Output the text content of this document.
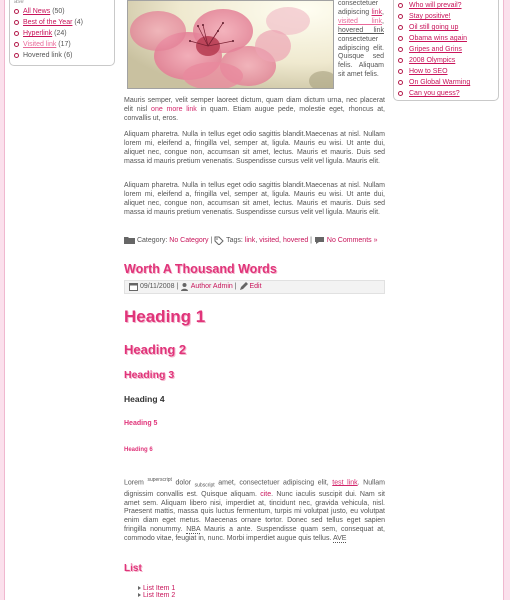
ase
All News (50)
Best of the Year (4)
Hyperlink (24)
Visited link (17)
Hovered link (6)
Who will prevail?
Stay positive!
Oil still going up
Obama wins again
Gripes and Grins
2008 Olympics
How to SEO
On Global Warming
Can you guess?
consectetuer adipiscing link, visited link, hovered link consectetuer adipiscing elit. Quisque sed felis. Aliquam sit amet felis.

Mauris semper, velit semper laoreet dictum, quam diam dictum urna, nec placerat elit nisl one more link in quam. Etiam augue pede, molestie eget, rhoncus at, convallis ut, eros.

Aliquam pharetra. Nulla in tellus eget odio sagittis blandit.Maecenas at nisl. Nullam lorem mi, eleifend a, fringilla vel, semper at, ligula. Mauris eu wisi. Ut ante dui, aliquet nec, congue non, accumsan sit amet, lectus. Mauris et mauris. Duis sed massa id mauris pretium venenatis. Suspendisse cursus velit vel ligula. Mauris elit.

Aliquam pharetra. Nulla in tellus eget odio sagittis blandit.Maecenas at nisl. Nullam lorem mi, eleifend a, fringilla vel, semper at, ligula. Mauris eu wisi. Ut ante dui, aliquet nec, congue non, accumsan sit amet, lectus. Mauris et mauris. Duis sed massa id mauris pretium venenatis. Suspendisse cursus velit vel ligula. Mauris elit.

Category: No Category |  Tags: link, visited, hovered |  No Comments »
Worth A Thousand Words
09/11/2008 |  Author Admin |  Edit
Heading 1
Heading 2
Heading 3
Heading 4
Heading 5
Heading 6

Lorem $^{superscript}$ dolor $_{subscript}$ amet, consectetuer adipiscing elit, test link. Nullam dignissim convallis est. Quisque aliquam. cite. Nunc iaculis suscipit dui. Nam sit amet sem. Aliquam libero nisi, imperdiet at, tincidunt nec, gravida vehicula, nisl. Praesent mattis, massa quis luctus fermentum, turpis mi volutpat justo, eu volutpat enim diam eget metus. Maecenas ornare tortor. Donec sed tellus eget sapien fringilla nonummy. NBA Mauris a ante. Suspendisse quam sem, consequat at, commodo vitae, feugiat in, nunc. Morbi imperdiet augue quis tellus. AVE

List
List Item 1
List Item 2
